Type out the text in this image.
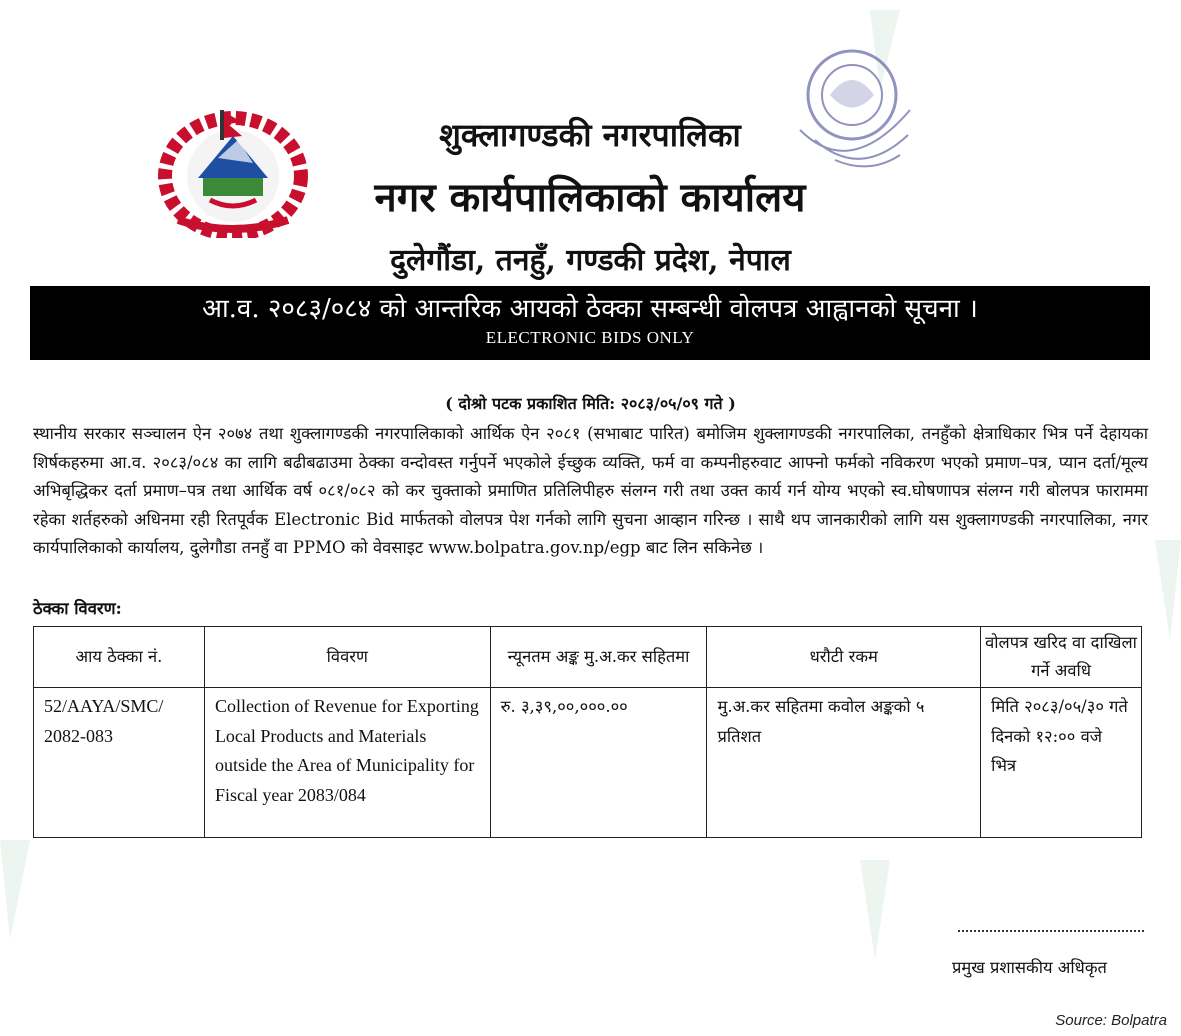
शुक्लागण्डकी नगरपालिका
नगर कार्यपालिकाको कार्यालय
दुलेगौंडा, तनहुँ, गण्डकी प्रदेश, नेपाल
आ.व. २०८३/०८४ को आन्तरिक आयको ठेक्का सम्बन्धी वोलपत्र आह्वानको सूचना ।
ELECTRONIC BIDS ONLY
( दोश्रो पटक प्रकाशित मिति: २०८३/०५/०९ गते )
स्थानीय सरकार सञ्चालन ऐन २०७४ तथा शुक्लागण्डकी नगरपालिकाको आर्थिक ऐन २०८१ (सभाबाट पारित) बमोजिम शुक्लागण्डकी नगरपालिका, तनहुँको क्षेत्राधिकार भित्र पर्ने देहायका शिर्षकहरुमा आ.व. २०८३/०८४ का लागि बढीबढाउमा ठेक्का वन्दोवस्त गर्नुपर्ने भएकोले ईच्छुक व्यक्ति, फर्म वा कम्पनीहरुवाट आफ्नो फर्मको नविकरण भएको प्रमाण–पत्र, प्यान दर्ता/मूल्य अभिबृद्धिकर दर्ता प्रमाण–पत्र तथा आर्थिक वर्ष ०८१/०८२ को कर चुक्ताको प्रमाणित प्रतिलिपीहरु संलग्न गरी तथा उक्त कार्य गर्न योग्य भएको स्व.घोषणापत्र संलग्न गरी बोलपत्र फाराममा रहेका शर्तहरुको अधिनमा रही रितपूर्वक Electronic Bid मार्फतको वोलपत्र पेश गर्नको लागि सुचना आव्हान गरिन्छ । साथै थप जानकारीको लागि यस शुक्लागण्डकी नगरपालिका, नगर कार्यपालिकाको कार्यालय, दुलेगौडा तनहुँ वा PPMO को वेवसाइट www.bolpatra.gov.np/egp बाट लिन सकिनेछ ।
ठेक्का विवरण:
आय ठेक्का नं.	विवरण	न्यूनतम अङ्क मु.अ.कर सहितमा	धरौटी रकम	वोलपत्र खरिद वा दाखिला गर्ने अवधि
52/AAYA/SMC/ 2082-083	Collection of Revenue for Exporting Local Products and Materials outside the Area of Municipality for Fiscal year 2083/084	रु. ३,३९,००,०००.००	मु.अ.कर सहितमा कवोल अङ्कको ५ प्रतिशत	मिति २०८३/०५/३० गते दिनको १२:०० वजे भित्र
प्रमुख प्रशासकीय अधिकृत
Source: Bolpatra
